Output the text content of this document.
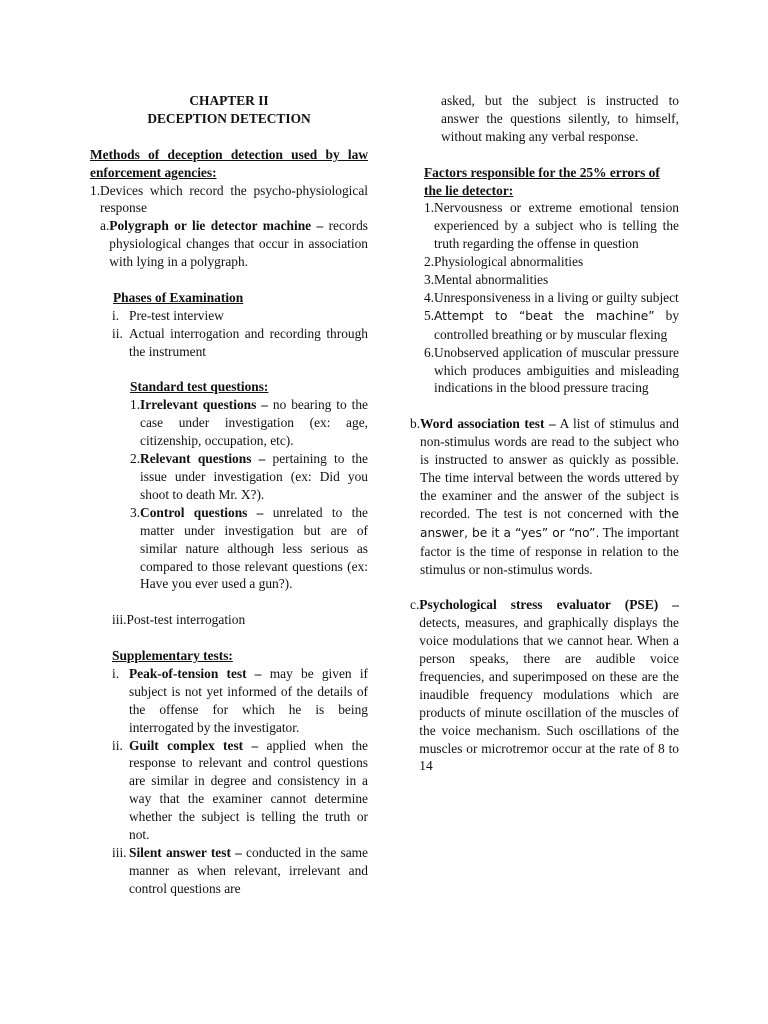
CHAPTER II

DECEPTION DETECTION

Methods of deception detection used by law enforcement agencies:

1. Devices which record the psycho-physiological response
a. Polygraph or lie detector machine – records physiological changes that occur in association with lying in a polygraph.

Phases of Examination

i. Pre-test interview
ii. Actual interrogation and recording through the instrument

Standard test questions:

1. Irrelevant questions – no bearing to the case under investigation (ex: age, citizenship, occupation, etc).
2. Relevant questions – pertaining to the issue under investigation (ex: Did you shoot to death Mr. X?).
3. Control questions – unrelated to the matter under investigation but are of similar nature although less serious as compared to those relevant questions (ex: Have you ever used a gun?).
iii. Post-test interrogation

Supplementary tests:

i. Peak-of-tension test – may be given if subject is not yet informed of the details of the offense for which he is being interrogated by the investigator.
ii. Guilt complex test – applied when the response to relevant and control questions are similar in degree and consistency in a way that the examiner cannot determine whether the subject is telling the truth or not.
iii. Silent answer test – conducted in the same manner as when relevant, irrelevant and control questions are

asked, but the subject is instructed to answer the questions silently, to himself, without making any verbal response.

Factors responsible for the 25% errors of the lie detector:

1. Nervousness or extreme emotional tension experienced by a subject who is telling the truth regarding the offense in question
2. Physiological abnormalities
3. Mental abnormalities
4. Unresponsiveness in a living or guilty subject
5. Attempt to “beat the machine” by controlled breathing or by muscular flexing
6. Unobserved application of muscular pressure which produces ambiguities and misleading indications in the blood pressure tracing
b. Word association test – A list of stimulus and non-stimulus words are read to the subject who is instructed to answer as quickly as possible. The time interval between the words uttered by the examiner and the answer of the subject is recorded. The test is not concerned with the answer, be it a “yes” or “no”. The important factor is the time of response in relation to the stimulus or non-stimulus words.
c. Psychological stress evaluator (PSE) – detects, measures, and graphically displays the voice modulations that we cannot hear. When a person speaks, there are audible voice frequencies, and superimposed on these are the inaudible frequency modulations which are products of minute oscillation of the muscles of the voice mechanism. Such oscillations of the muscles or microtremor occur at the rate of 8 to 14
